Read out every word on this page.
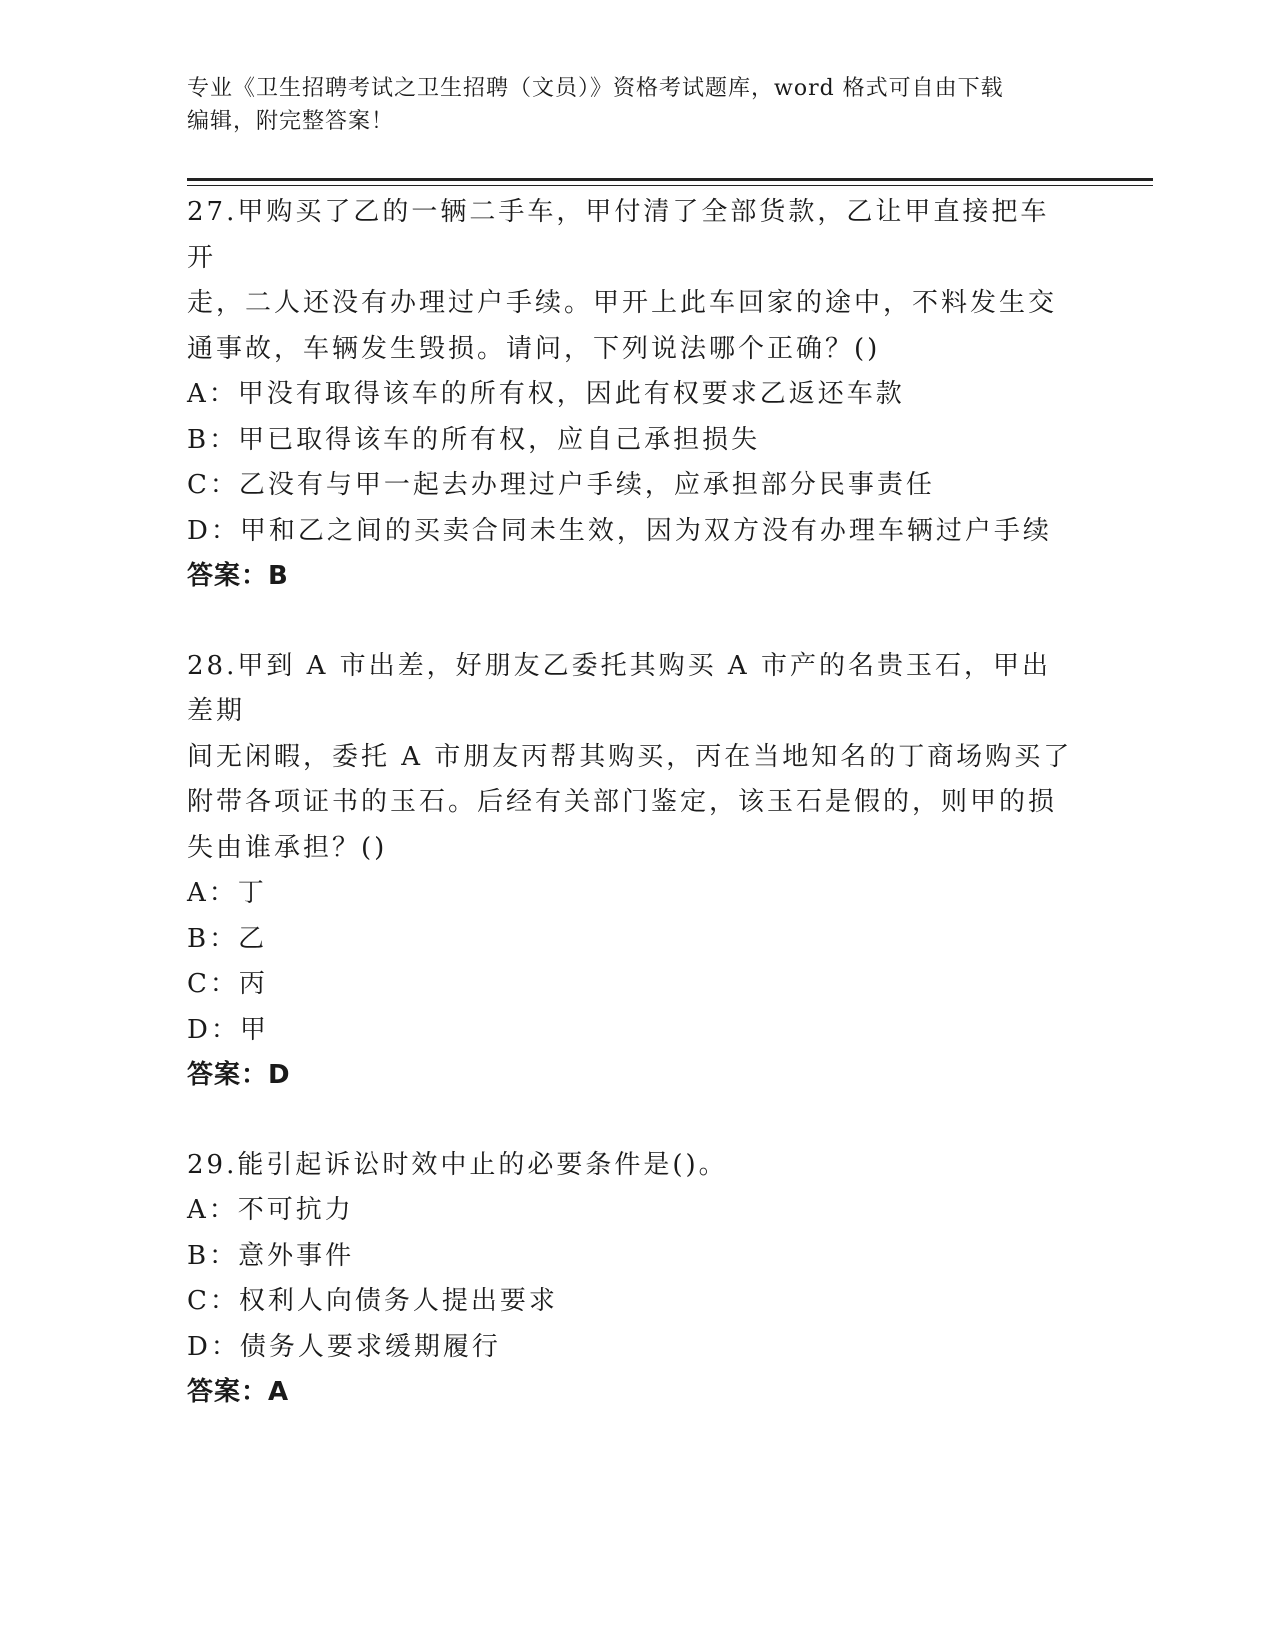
专业《卫生招聘考试之卫生招聘（文员）》资格考试题库，word 格式可自由下载
编辑，附完整答案！

27.甲购买了乙的一辆二手车，甲付清了全部货款，乙让甲直接把车开

走，二人还没有办理过户手续。甲开上此车回家的途中，不料发生交

通事故，车辆发生毁损。请问，下列说法哪个正确？()

A：甲没有取得该车的所有权，因此有权要求乙返还车款

B：甲已取得该车的所有权，应自己承担损失

C：乙没有与甲一起去办理过户手续，应承担部分民事责任

D：甲和乙之间的买卖合同未生效，因为双方没有办理车辆过户手续

答案：B

28.甲到 A 市出差，好朋友乙委托其购买 A 市产的名贵玉石，甲出差期

间无闲暇，委托 A 市朋友丙帮其购买，丙在当地知名的丁商场购买了

附带各项证书的玉石。后经有关部门鉴定，该玉石是假的，则甲的损

失由谁承担？()

A：丁

B：乙

C：丙

D：甲

答案：D

29.能引起诉讼时效中止的必要条件是()。

A：不可抗力

B：意外事件

C：权利人向债务人提出要求

D：债务人要求缓期履行

答案：A
